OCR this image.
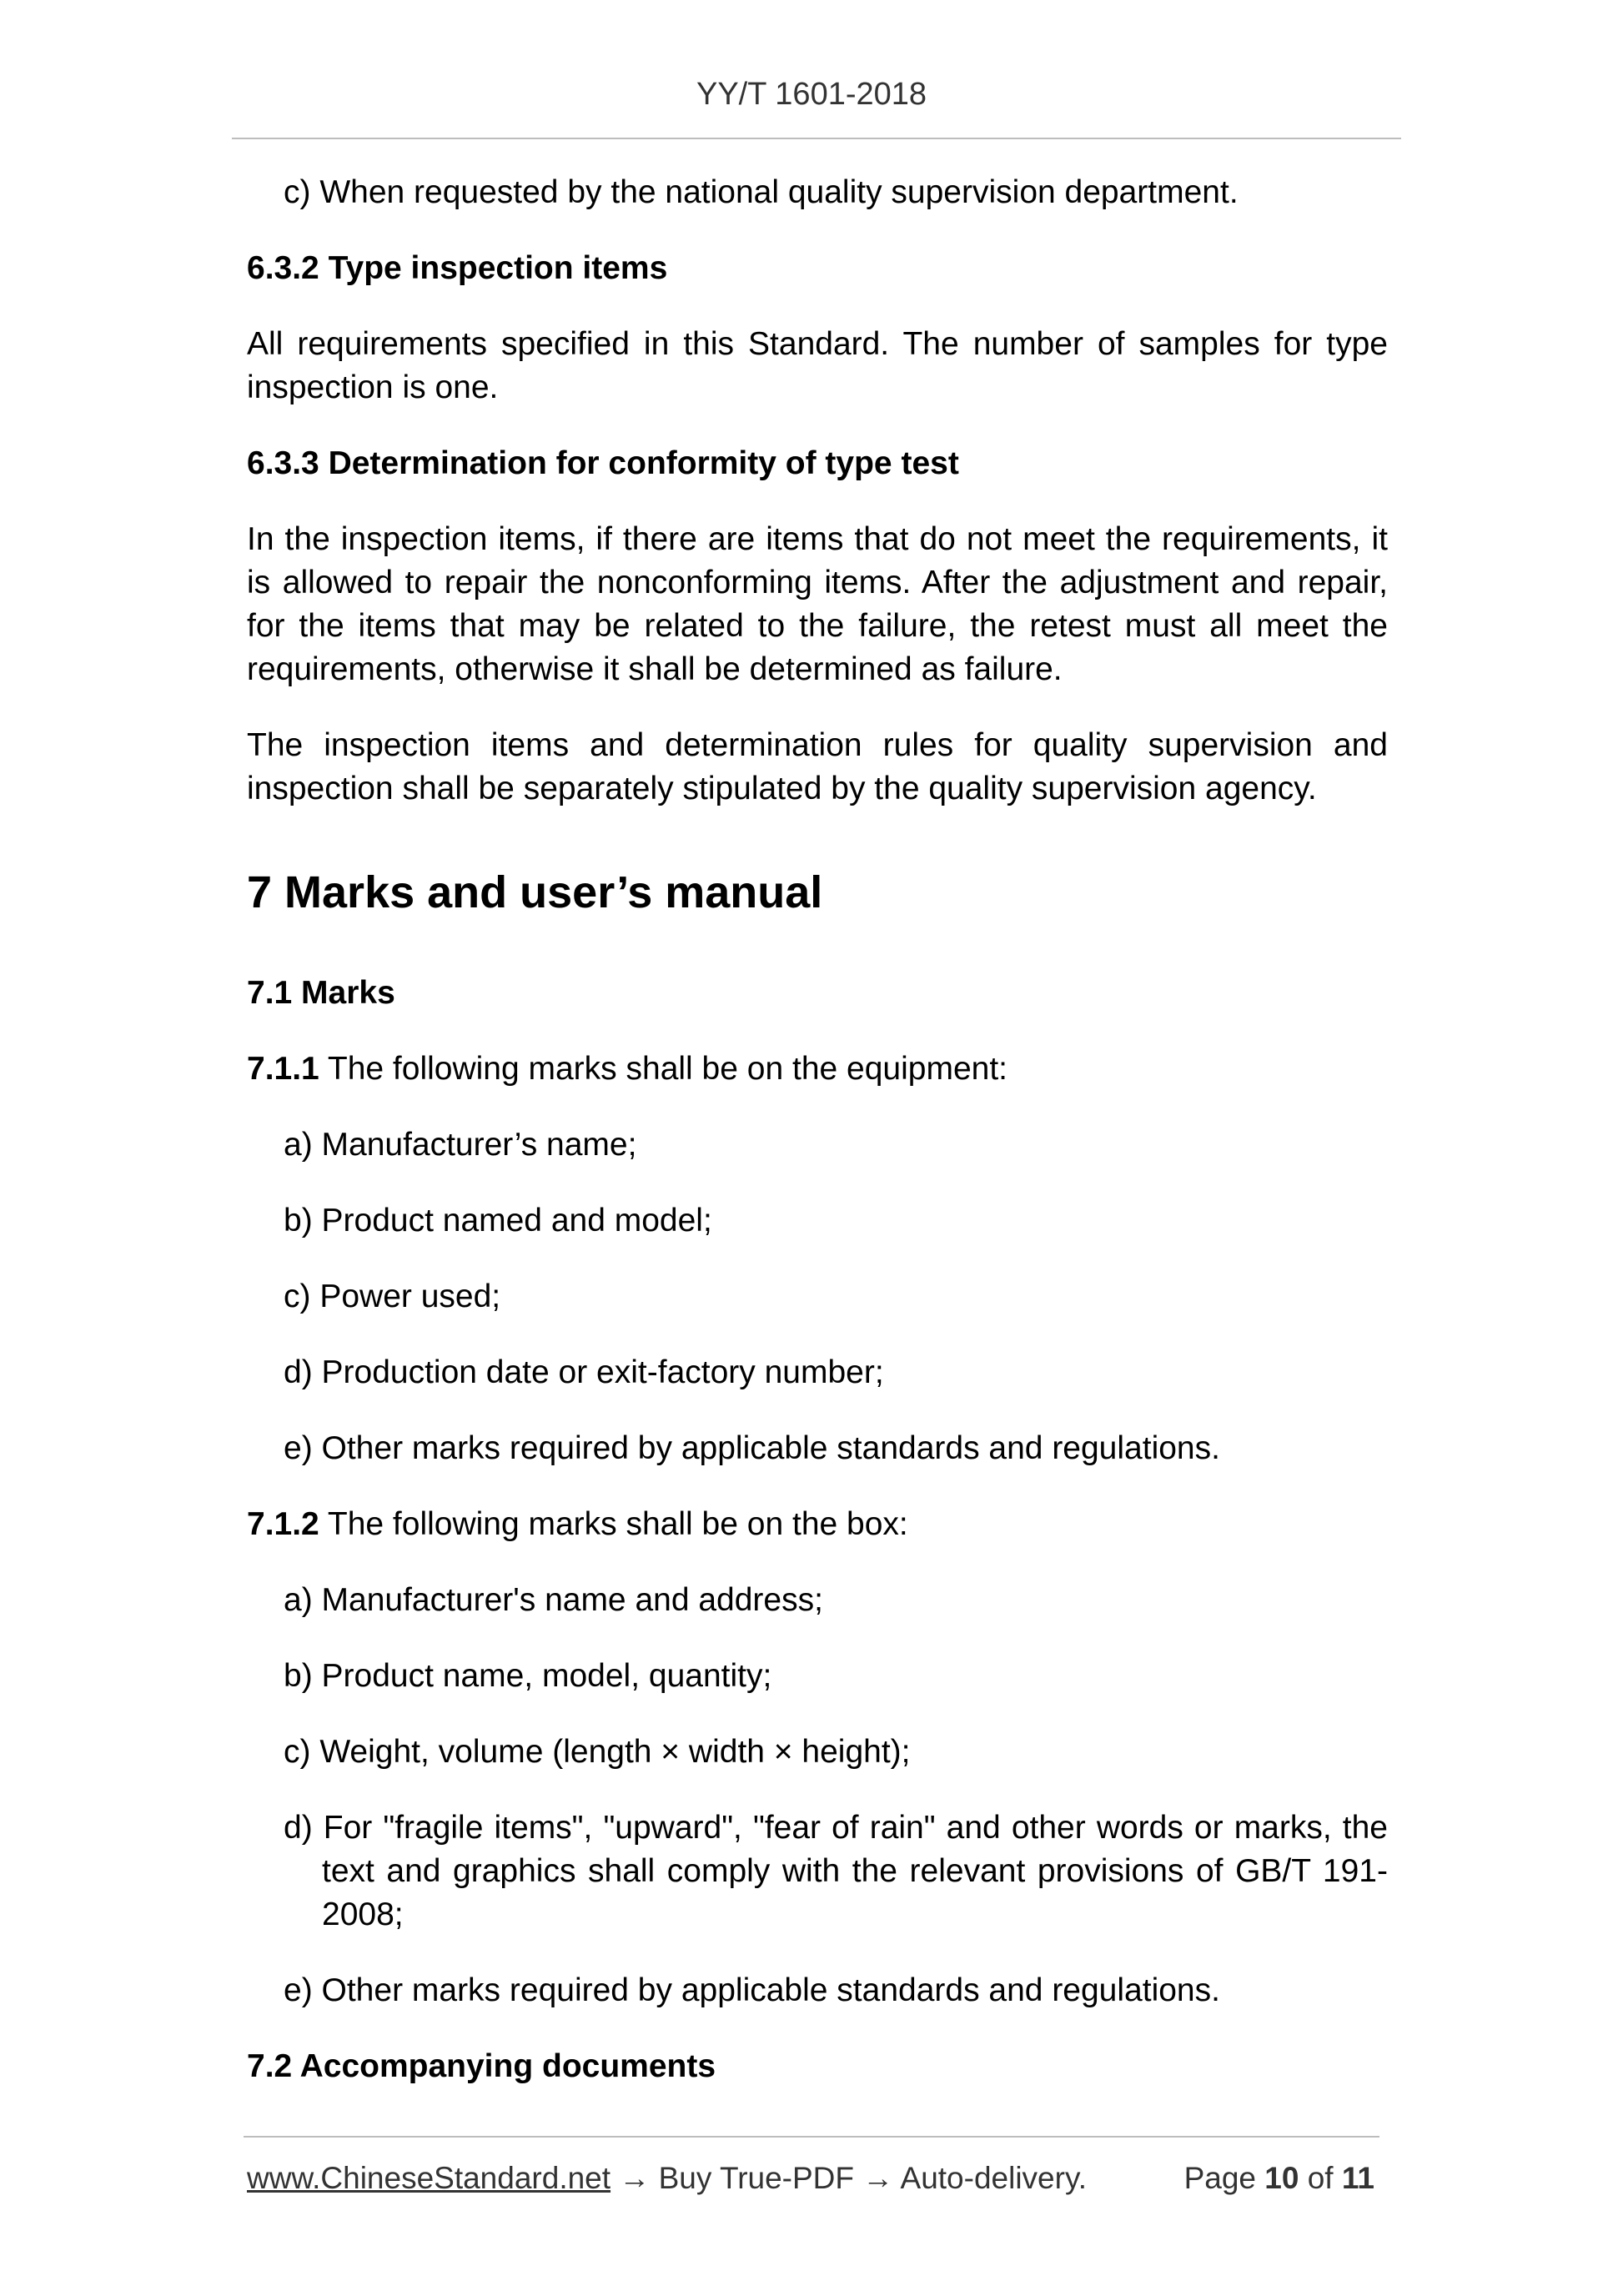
YY/T 1601-2018

c) When requested by the national quality supervision department.

6.3.2 Type inspection items

All requirements specified in this Standard. The number of samples for type inspection is one.

6.3.3 Determination for conformity of type test

In the inspection items, if there are items that do not meet the requirements, it is allowed to repair the nonconforming items. After the adjustment and repair, for the items that may be related to the failure, the retest must all meet the requirements, otherwise it shall be determined as failure.

The inspection items and determination rules for quality supervision and inspection shall be separately stipulated by the quality supervision agency.

7 Marks and user’s manual

7.1 Marks

7.1.1 The following marks shall be on the equipment:

a) Manufacturer’s name;

b) Product named and model;

c) Power used;

d) Production date or exit-factory number;

e) Other marks required by applicable standards and regulations.

7.1.2 The following marks shall be on the box:

a) Manufacturer's name and address;

b) Product name, model, quantity;

c) Weight, volume (length × width × height);

d) For "fragile items", "upward", "fear of rain" and other words or marks, the text and graphics shall comply with the relevant provisions of GB/T 191-2008;

e) Other marks required by applicable standards and regulations.

7.2 Accompanying documents

www.ChineseStandard.net → Buy True-PDF → Auto-delivery.	Page 10 of 11
